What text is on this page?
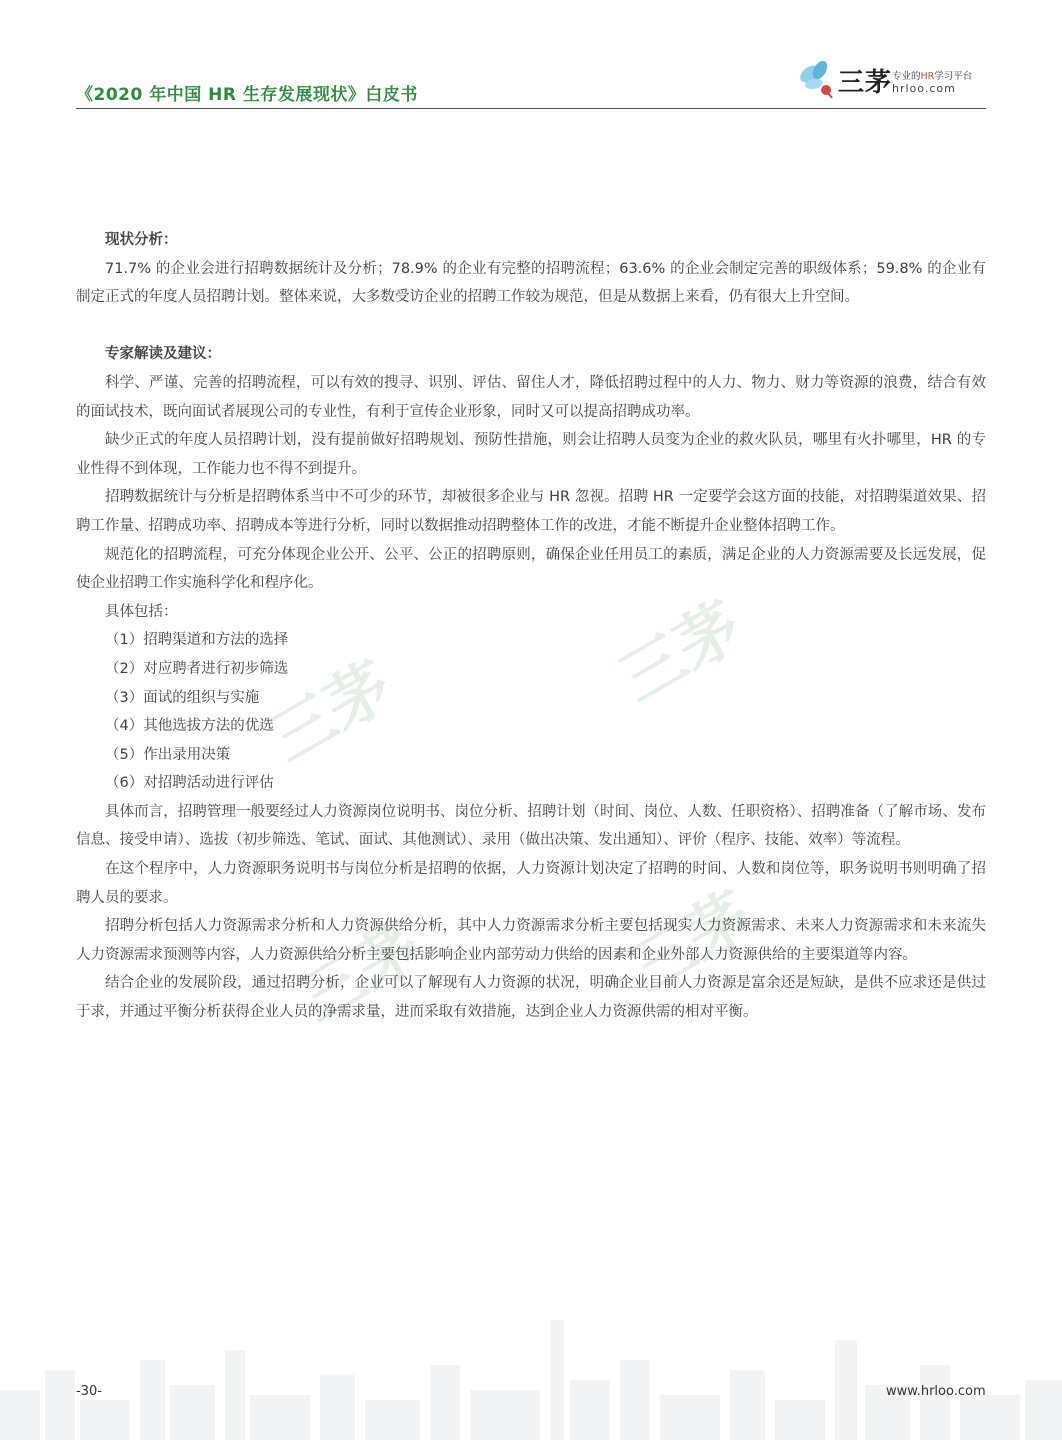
《2020 年中国 HR 生存发展现状》白皮书	三茅 专业的HR学习平台
hrloo.com
三茅	三茅
三茅	三茅

现状分析：

71.7% 的企业会进行招聘数据统计及分析；78.9% 的企业有完整的招聘流程；63.6% 的企业会制定完善的职级体系；59.8% 的企业有制定正式的年度人员招聘计划。整体来说，大多数受访企业的招聘工作较为规范，但是从数据上来看，仍有很大上升空间。

专家解读及建议：

科学、严谨、完善的招聘流程，可以有效的搜寻、识别、评估、留住人才，降低招聘过程中的人力、物力、财力等资源的浪费，结合有效的面试技术，既向面试者展现公司的专业性，有利于宣传企业形象，同时又可以提高招聘成功率。

缺少正式的年度人员招聘计划，没有提前做好招聘规划、预防性措施，则会让招聘人员变为企业的救火队员，哪里有火扑哪里，HR 的专业性得不到体现，工作能力也不得不到提升。

招聘数据统计与分析是招聘体系当中不可少的环节，却被很多企业与 HR 忽视。招聘 HR 一定要学会这方面的技能，对招聘渠道效果、招聘工作量、招聘成功率、招聘成本等进行分析，同时以数据推动招聘整体工作的改进，才能不断提升企业整体招聘工作。

规范化的招聘流程，可充分体现企业公开、公平、公正的招聘原则，确保企业任用员工的素质，满足企业的人力资源需要及长远发展，促使企业招聘工作实施科学化和程序化。

具体包括：

（1）招聘渠道和方法的选择

（2）对应聘者进行初步筛选

（3）面试的组织与实施

（4）其他选拔方法的优选

（5）作出录用决策

（6）对招聘活动进行评估

具体而言，招聘管理一般要经过人力资源岗位说明书、岗位分析、招聘计划（时间、岗位、人数、任职资格）、招聘准备（了解市场、发布信息、接受申请）、选拔（初步筛选、笔试、面试、其他测试）、录用（做出决策、发出通知）、评价（程序、技能、效率）等流程。

在这个程序中，人力资源职务说明书与岗位分析是招聘的依据，人力资源计划决定了招聘的时间、人数和岗位等，职务说明书则明确了招聘人员的要求。

招聘分析包括人力资源需求分析和人力资源供给分析，其中人力资源需求分析主要包括现实人力资源需求、未来人力资源需求和未来流失人力资源需求预测等内容，人力资源供给分析主要包括影响企业内部劳动力供给的因素和企业外部人力资源供给的主要渠道等内容。

结合企业的发展阶段，通过招聘分析，企业可以了解现有人力资源的状况，明确企业目前人力资源是富余还是短缺，是供不应求还是供过于求，并通过平衡分析获得企业人员的净需求量，进而采取有效措施，达到企业人力资源供需的相对平衡。

-30-	www.hrloo.com
